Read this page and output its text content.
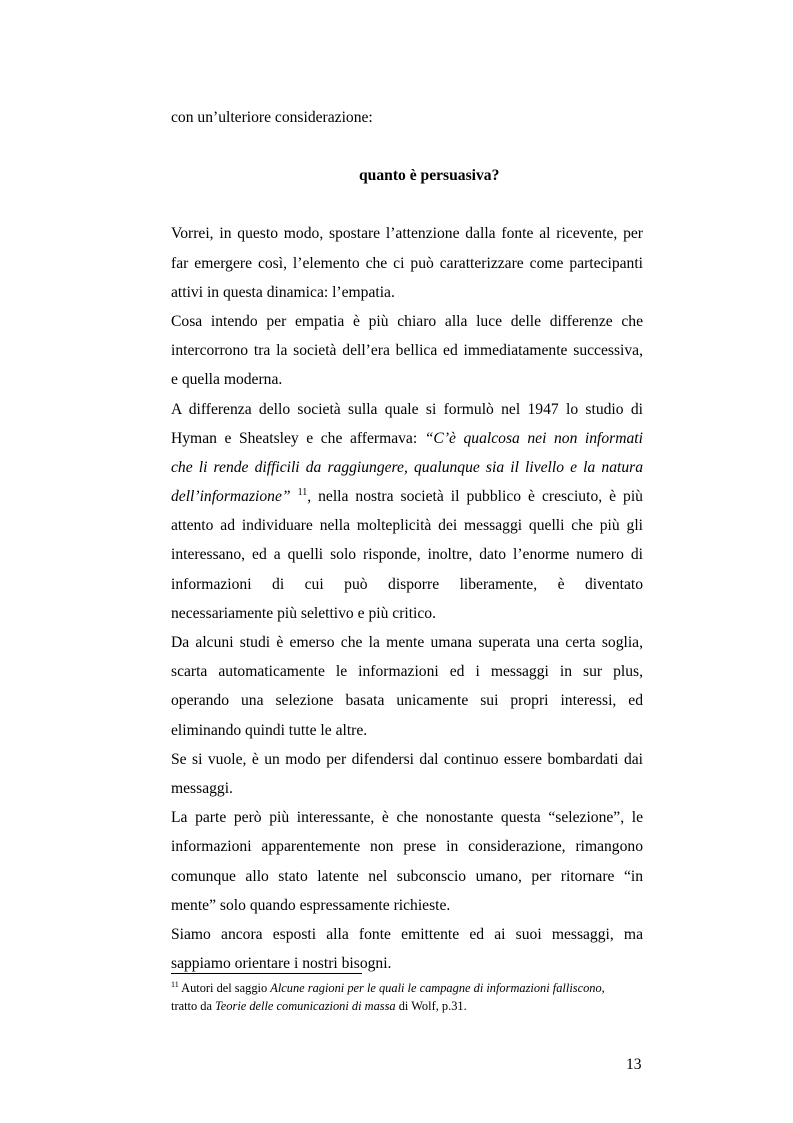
con un’ulteriore considerazione:
quanto è persuasiva?
Vorrei, in questo modo, spostare l’attenzione dalla fonte al ricevente, per
far emergere così, l’elemento che ci può caratterizzare come partecipanti
attivi in questa dinamica: l’empatia.
Cosa intendo per empatia è più chiaro alla luce delle differenze che
intercorrono tra la società dell’era bellica ed immediatamente successiva,
e quella moderna.
A differenza dello società sulla quale si formulò nel 1947 lo studio di
Hyman e Sheatsley e che affermava: “C’è qualcosa nei non informati
che li rende difficili da raggiungere, qualunque sia il livello e la natura
dell’informazione” $^{11}$, nella nostra società il pubblico è cresciuto, è più
attento ad individuare nella molteplicità dei messaggi quelli che più gli
interessano, ed a quelli solo risponde, inoltre, dato l’enorme numero di
informazioni di cui può disporre liberamente, è diventato
necessariamente più selettivo e più critico.
Da alcuni studi è emerso che la mente umana superata una certa soglia,
scarta automaticamente le informazioni ed i messaggi in sur plus,
operando una selezione basata unicamente sui propri interessi, ed
eliminando quindi tutte le altre.
Se si vuole, è un modo per difendersi dal continuo essere bombardati dai
messaggi.
La parte però più interessante, è che nonostante questa “selezione”, le
informazioni apparentemente non prese in considerazione, rimangono
comunque allo stato latente nel subconscio umano, per ritornare “in
mente” solo quando espressamente richieste.
Siamo ancora esposti alla fonte emittente ed ai suoi messaggi, ma
sappiamo orientare i nostri bisogni.
$^{11}$ Autori del saggio Alcune ragioni per le quali le campagne di informazioni falliscono,
tratto da Teorie delle comunicazioni di massa di Wolf, p.31.
13
